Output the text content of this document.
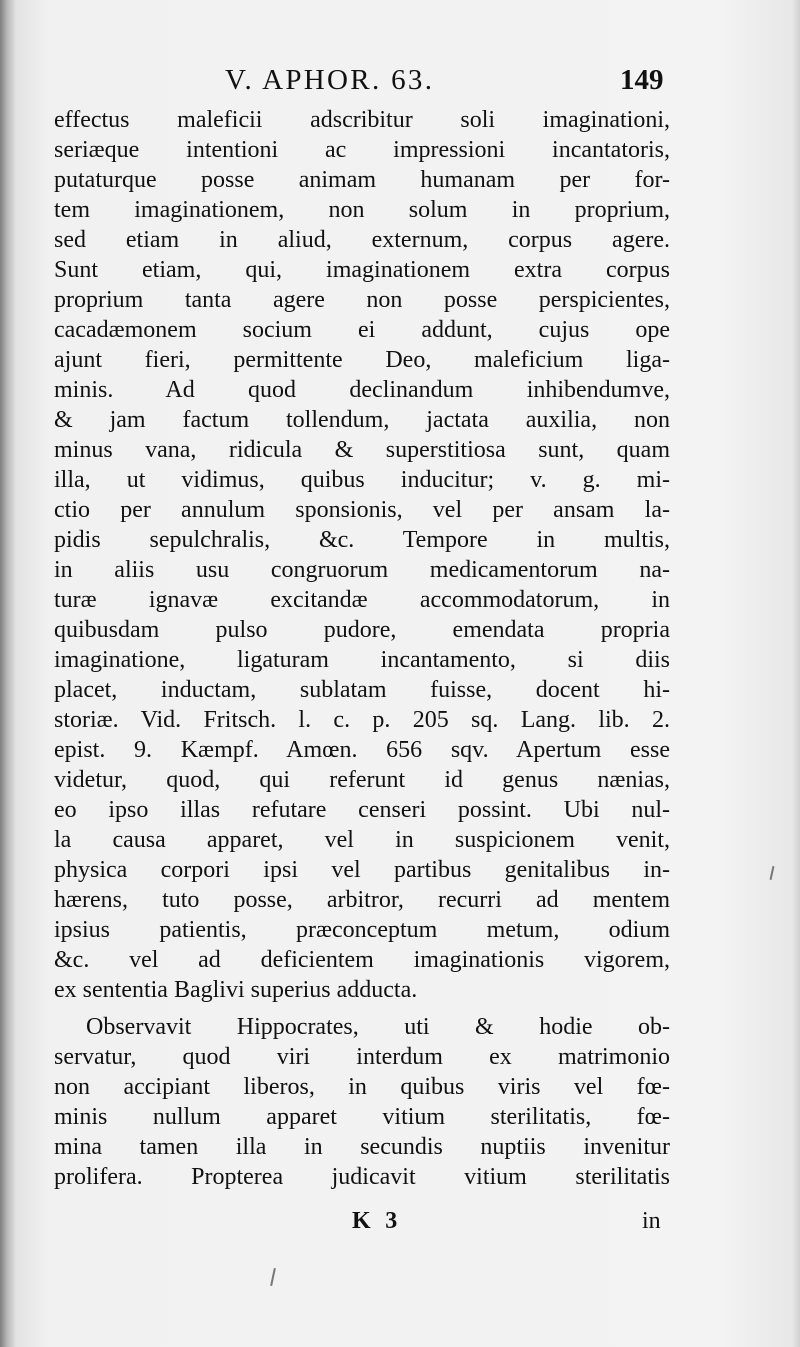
V. APHOR. 63.	149
effectus maleficii adscribitur soli imaginationi,
seriæque intentioni ac impressioni incantatoris,
putaturque posse animam humanam per for-
tem imaginationem, non solum in proprium,
sed etiam in aliud, externum, corpus agere.
Sunt etiam, qui, imaginationem extra corpus
proprium tanta agere non posse perspicientes,
cacadæmonem socium ei addunt, cujus ope
ajunt fieri, permittente Deo, maleficium liga-
minis. Ad quod declinandum inhibendumve,
& jam factum tollendum, jactata auxilia, non
minus vana, ridicula & superstitiosa sunt, quam
illa, ut vidimus, quibus inducitur; v. g. mi-
ctio per annulum sponsionis, vel per ansam la-
pidis sepulchralis, &c. Tempore in multis,
in aliis usu congruorum medicamentorum na-
turæ ignavæ excitandæ accommodatorum, in
quibusdam pulso pudore, emendata propria
imaginatione, ligaturam incantamento, si diis
placet, inductam, sublatam fuisse, docent hi-
storiæ. Vid. Fritsch. l. c. p. 205 sq. Lang. lib. 2.
epist. 9. Kæmpf. Amœn. 656 sqv. Apertum esse
videtur, quod, qui referunt id genus nænias,
eo ipso illas refutare censeri possint. Ubi nul-
la causa apparet, vel in suspicionem venit,
physica corpori ipsi vel partibus genitalibus in-
hærens, tuto posse, arbitror, recurri ad mentem
ipsius patientis, præconceptum metum, odium
&c. vel ad deficientem imaginationis vigorem,
ex sententia Baglivi superius adducta.
Observavit Hippocrates, uti & hodie ob-
servatur, quod viri interdum ex matrimonio
non accipiant liberos, in quibus viris vel fœ-
minis nullum apparet vitium sterilitatis, fœ-
mina tamen illa in secundis nuptiis invenitur
prolifera. Propterea judicavit vitium sterilitatis
K 3	in
